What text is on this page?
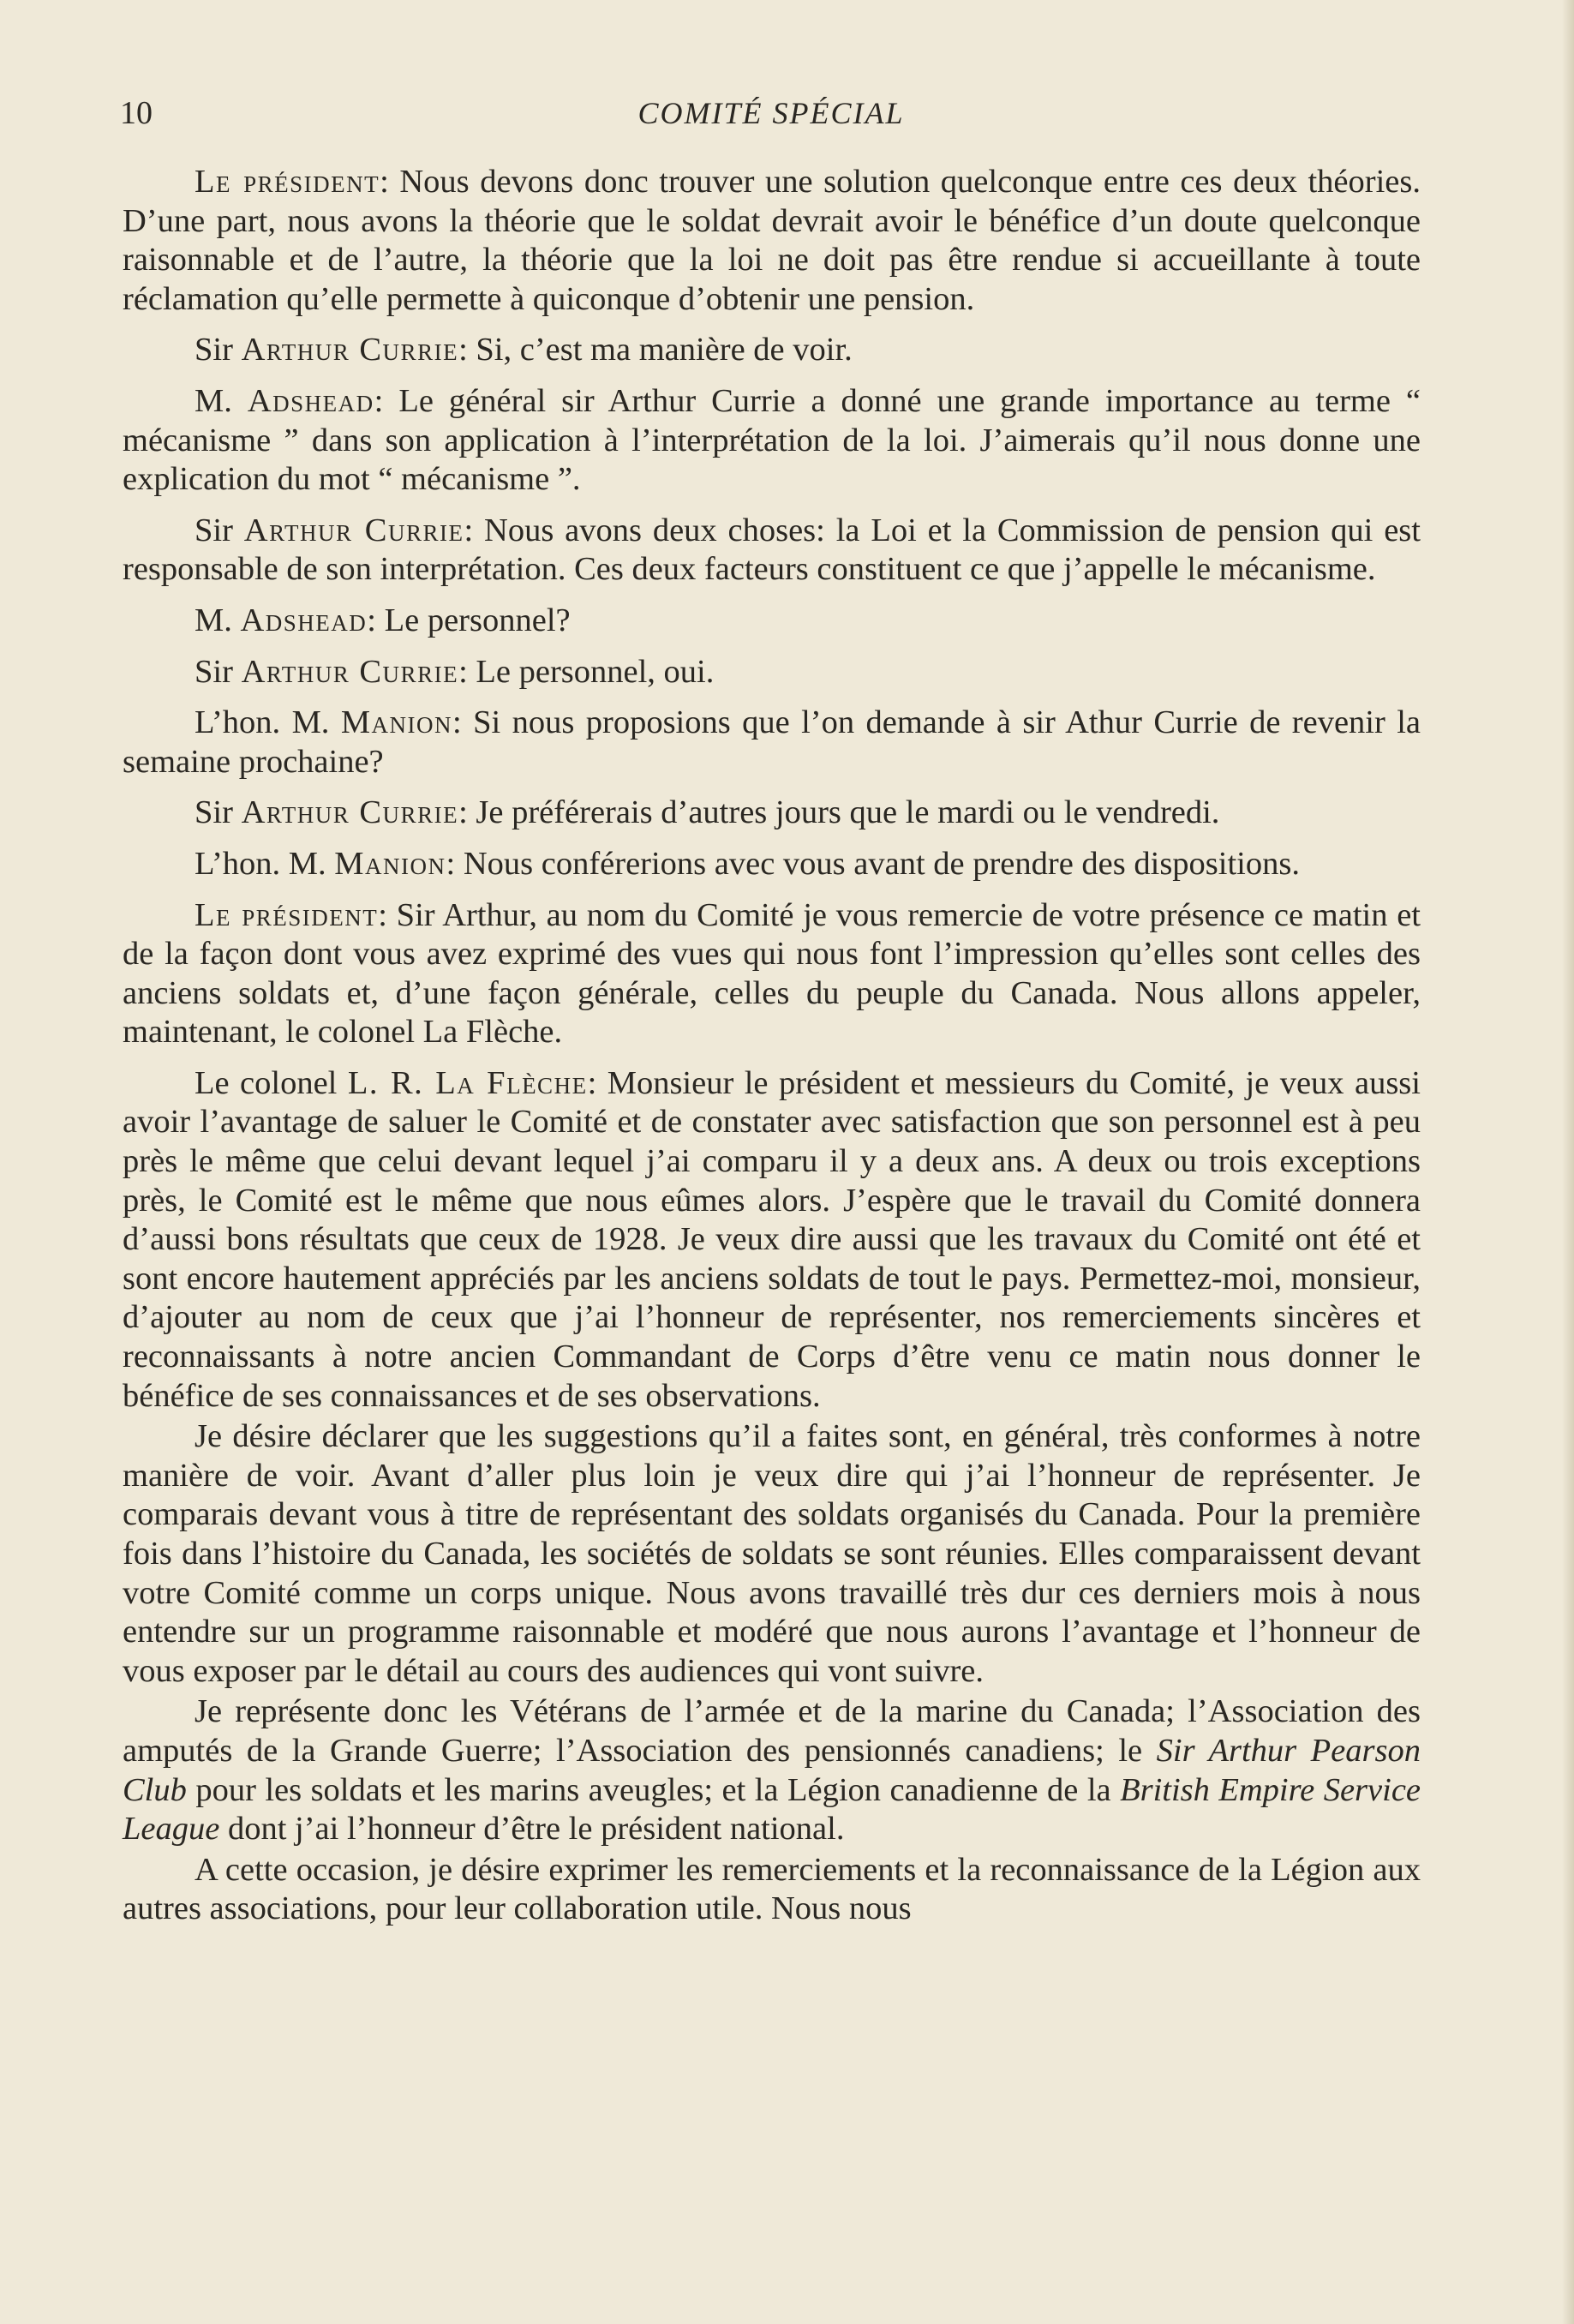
10	COMITÉ SPÉCIAL

Le président: Nous devons donc trouver une solution quelconque entre ces deux théories. D’une part, nous avons la théorie que le soldat devrait avoir le bénéfice d’un doute quelconque raisonnable et de l’autre, la théorie que la loi ne doit pas être rendue si accueillante à toute réclamation qu’elle permette à quiconque d’obtenir une pension.

Sir Arthur Currie: Si, c’est ma manière de voir.

M. Adshead: Le général sir Arthur Currie a donné une grande importance au terme “ mécanisme ” dans son application à l’interprétation de la loi. J’aimerais qu’il nous donne une explication du mot “ mécanisme ”.

Sir Arthur Currie: Nous avons deux choses: la Loi et la Commission de pension qui est responsable de son interprétation. Ces deux facteurs constituent ce que j’appelle le mécanisme.

M. Adshead: Le personnel?

Sir Arthur Currie: Le personnel, oui.

L’hon. M. Manion: Si nous proposions que l’on demande à sir Athur Currie de revenir la semaine prochaine?

Sir Arthur Currie: Je préférerais d’autres jours que le mardi ou le vendredi.

L’hon. M. Manion: Nous conférerions avec vous avant de prendre des dispositions.

Le président: Sir Arthur, au nom du Comité je vous remercie de votre présence ce matin et de la façon dont vous avez exprimé des vues qui nous font l’impression qu’elles sont celles des anciens soldats et, d’une façon générale, celles du peuple du Canada. Nous allons appeler, maintenant, le colonel La Flèche.

Le colonel L. R. La Flèche: Monsieur le président et messieurs du Comité, je veux aussi avoir l’avantage de saluer le Comité et de constater avec satisfaction que son personnel est à peu près le même que celui devant lequel j’ai comparu il y a deux ans. A deux ou trois exceptions près, le Comité est le même que nous eûmes alors. J’espère que le travail du Comité donnera d’aussi bons résultats que ceux de 1928. Je veux dire aussi que les travaux du Comité ont été et sont encore hautement appréciés par les anciens soldats de tout le pays. Permettez-moi, monsieur, d’ajouter au nom de ceux que j’ai l’honneur de représenter, nos remerciements sincères et reconnaissants à notre ancien Commandant de Corps d’être venu ce matin nous donner le bénéfice de ses connaissances et de ses observations.

Je désire déclarer que les suggestions qu’il a faites sont, en général, très conformes à notre manière de voir. Avant d’aller plus loin je veux dire qui j’ai l’honneur de représenter. Je comparais devant vous à titre de représentant des soldats organisés du Canada. Pour la première fois dans l’histoire du Canada, les sociétés de soldats se sont réunies. Elles comparaissent devant votre Comité comme un corps unique. Nous avons travaillé très dur ces derniers mois à nous entendre sur un programme raisonnable et modéré que nous aurons l’avantage et l’honneur de vous exposer par le détail au cours des audiences qui vont suivre.

Je représente donc les Vétérans de l’armée et de la marine du Canada; l’Association des amputés de la Grande Guerre; l’Association des pensionnés canadiens; le Sir Arthur Pearson Club pour les soldats et les marins aveugles; et la Légion canadienne de la British Empire Service League dont j’ai l’honneur d’être le président national.

A cette occasion, je désire exprimer les remerciements et la reconnaissance de la Légion aux autres associations, pour leur collaboration utile. Nous nous
